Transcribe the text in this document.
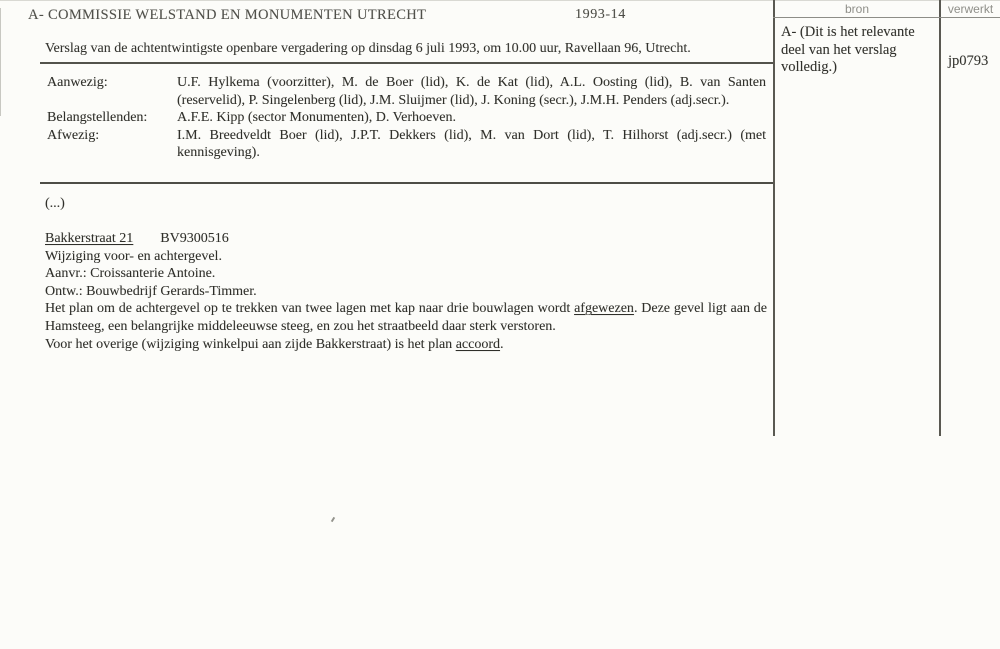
A- COMMISSIE WELSTAND EN MONUMENTEN UTRECHT	1993-14
Verslag van de achtentwintigste openbare vergadering op dinsdag 6 juli 1993, om 10.00 uur, Ravellaan 96, Utrecht.
Aanwezig:	U.F. Hylkema (voorzitter), M. de Boer (lid), K. de Kat (lid), A.L. Oosting (lid), B. van Santen (reservelid), P. Singelenberg (lid), J.M. Sluijmer (lid), J. Koning (secr.), J.M.H. Penders (adj.secr.).
Belangstellenden:	A.F.E. Kipp (sector Monumenten), D. Verhoeven.
Afwezig:	I.M. Breedveldt Boer (lid), J.P.T. Dekkers (lid), M. van Dort (lid), T. Hilhorst (adj.secr.) (met kennisgeving).
(...)
Bakkerstraat 21 BV9300516
Wijziging voor- en achtergevel.
Aanvr.: Croissanterie Antoine.
Ontw.: Bouwbedrijf Gerards-Timmer.
Het plan om de achtergevel op te trekken van twee lagen met kap naar drie bouwlagen wordt afgewezen. Deze gevel ligt aan de Hamsteeg, een belangrijke middeleeuwse steeg, en zou het straatbeeld daar sterk verstoren.
Voor het overige (wijziging winkelpui aan zijde Bakkerstraat) is het plan accoord.
bron	verwerkt
A- (Dit is het relevante
deel van het verslag
volledig.)	jp0793
